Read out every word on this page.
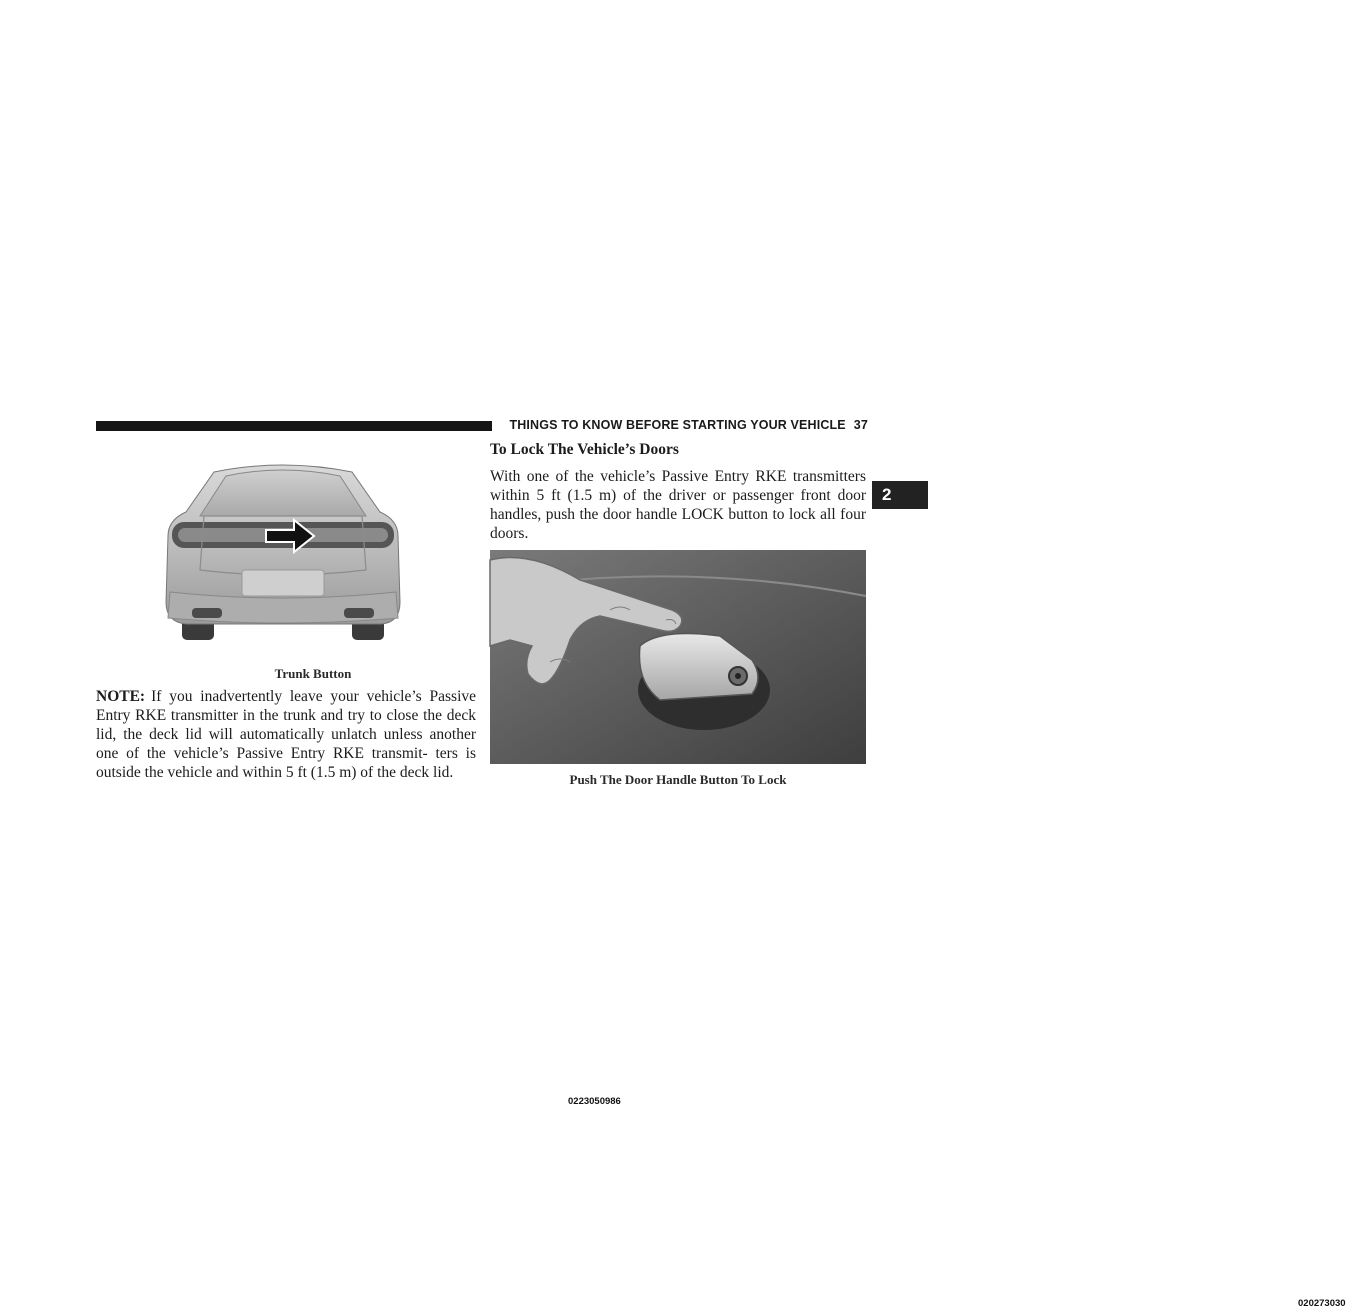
THINGS TO KNOW BEFORE STARTING YOUR VEHICLE 37
2
0223050986
Trunk Button
NOTE: If you inadvertently leave your vehicle’s Passive Entry RKE transmitter in the trunk and try to close the deck lid, the deck lid will automatically unlatch unless another one of the vehicle’s Passive Entry RKE transmit- ters is outside the vehicle and within 5 ft (1.5 m) of the deck lid.
To Lock The Vehicle’s Doors
With one of the vehicle’s Passive Entry RKE transmitters within 5 ft (1.5 m) of the driver or passenger front door handles, push the door handle LOCK button to lock all four doors.
020273030
Push The Door Handle Button To Lock
